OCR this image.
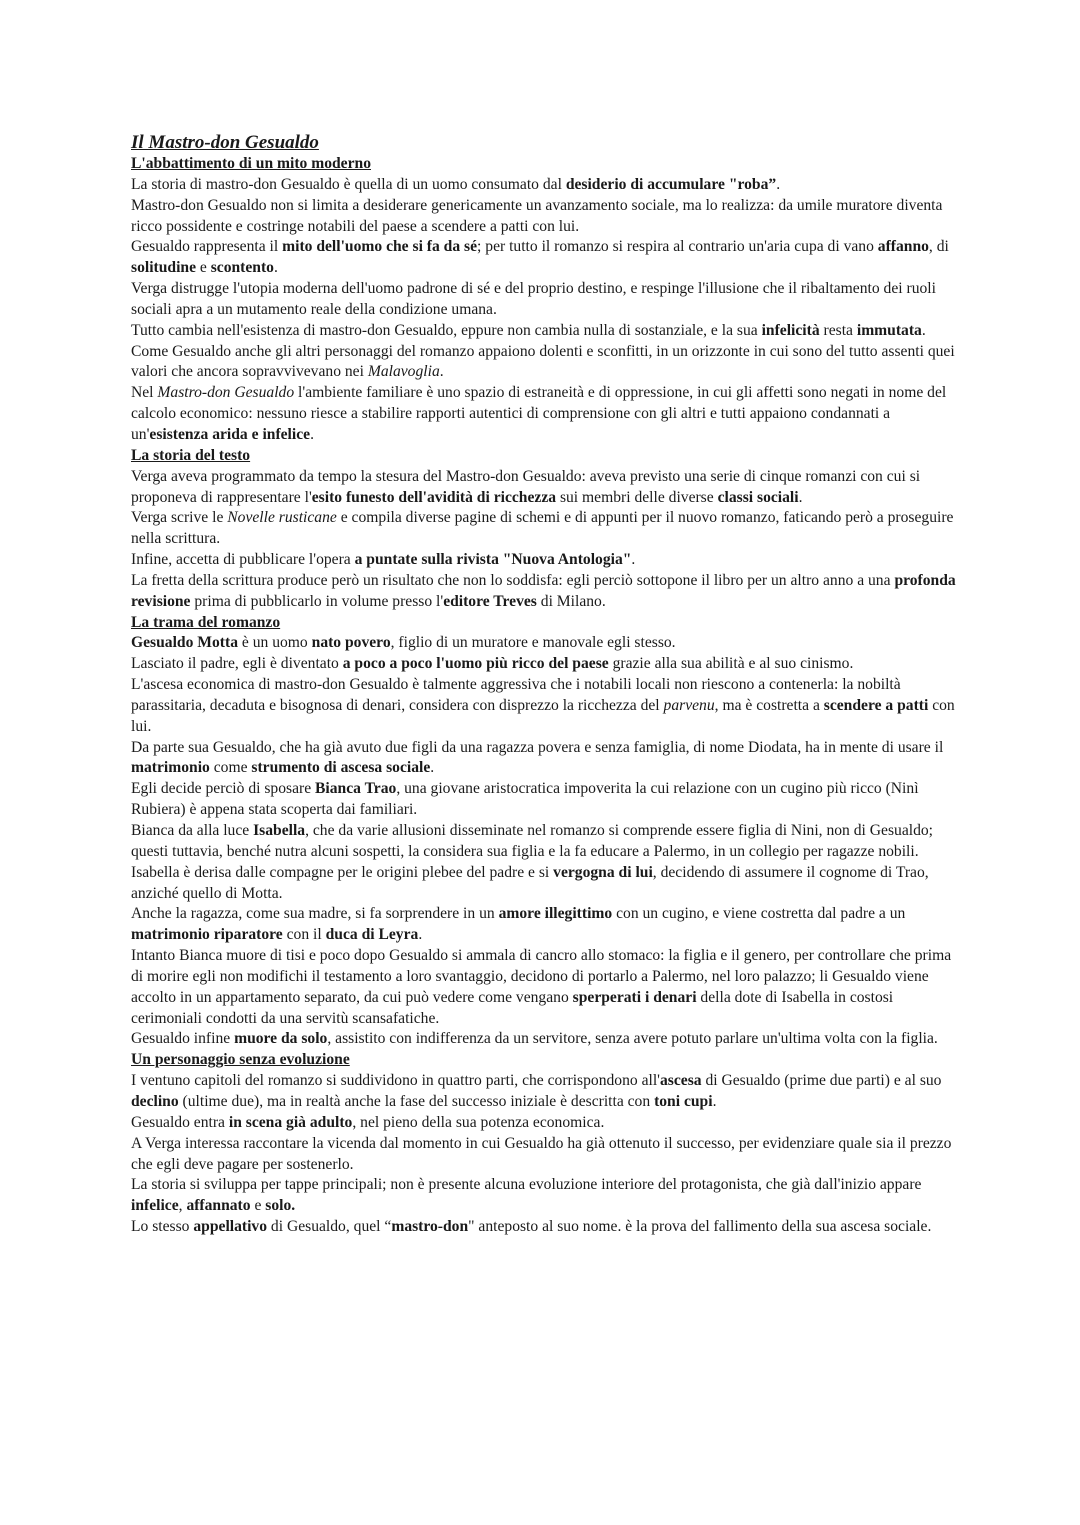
Il Mastro-don Gesualdo
L'abbattimento di un mito moderno
La storia di mastro-don Gesualdo è quella di un uomo consumato dal desiderio di accumulare "roba”.
Mastro-don Gesualdo non si limita a desiderare genericamente un avanzamento sociale, ma lo realizza: da umile muratore diventa ricco possidente e costringe notabili del paese a scendere a patti con lui.
Gesualdo rappresenta il mito dell'uomo che si fa da sé; per tutto il romanzo si respira al contrario un'aria cupa di vano affanno, di solitudine e scontento.
Verga distrugge l'utopia moderna dell'uomo padrone di sé e del proprio destino, e respinge l'illusione che il ribaltamento dei ruoli sociali apra a un mutamento reale della condizione umana.
Tutto cambia nell'esistenza di mastro-don Gesualdo, eppure non cambia nulla di sostanziale, e la sua infelicità resta immutata.
Come Gesualdo anche gli altri personaggi del romanzo appaiono dolenti e sconfitti, in un orizzonte in cui sono del tutto assenti quei valori che ancora sopravvivevano nei Malavoglia.
Nel Mastro-don Gesualdo l'ambiente familiare è uno spazio di estraneità e di oppressione, in cui gli affetti sono negati in nome del calcolo economico: nessuno riesce a stabilire rapporti autentici di comprensione con gli altri e tutti appaiono condannati a un'esistenza arida e infelice.
La storia del testo
Verga aveva programmato da tempo la stesura del Mastro-don Gesualdo: aveva previsto una serie di cinque romanzi con cui si proponeva di rappresentare l'esito funesto dell'avidità di ricchezza sui membri delle diverse classi sociali.
Verga scrive le Novelle rusticane e compila diverse pagine di schemi e di appunti per il nuovo romanzo, faticando però a proseguire nella scrittura.
Infine, accetta di pubblicare l'opera a puntate sulla rivista "Nuova Antologia".
La fretta della scrittura produce però un risultato che non lo soddisfa: egli perciò sottopone il libro per un altro anno a una profonda revisione prima di pubblicarlo in volume presso l'editore Treves di Milano.
La trama del romanzo
Gesualdo Motta è un uomo nato povero, figlio di un muratore e manovale egli stesso.
Lasciato il padre, egli è diventato a poco a poco l'uomo più ricco del paese grazie alla sua abilità e al suo cinismo.
L'ascesa economica di mastro-don Gesualdo è talmente aggressiva che i notabili locali non riescono a contenerla: la nobiltà parassitaria, decaduta e bisognosa di denari, considera con disprezzo la ricchezza del parvenu, ma è costretta a scendere a patti con lui.
Da parte sua Gesualdo, che ha già avuto due figli da una ragazza povera e senza famiglia, di nome Diodata, ha in mente di usare il matrimonio come strumento di ascesa sociale.
Egli decide perciò di sposare Bianca Trao, una giovane aristocratica impoverita la cui relazione con un cugino più ricco (Ninì Rubiera) è appena stata scoperta dai familiari.
Bianca da alla luce Isabella, che da varie allusioni disseminate nel romanzo si comprende essere figlia di Nini, non di Gesualdo; questi tuttavia, benché nutra alcuni sospetti, la considera sua figlia e la fa educare a Palermo, in un collegio per ragazze nobili.
Isabella è derisa dalle compagne per le origini plebee del padre e si vergogna di lui, decidendo di assumere il cognome di Trao, anziché quello di Motta.
Anche la ragazza, come sua madre, si fa sorprendere in un amore illegittimo con un cugino, e viene costretta dal padre a un matrimonio riparatore con il duca di Leyra.
Intanto Bianca muore di tisi e poco dopo Gesualdo si ammala di cancro allo stomaco: la figlia e il genero, per controllare che prima di morire egli non modifichi il testamento a loro svantaggio, decidono di portarlo a Palermo, nel loro palazzo; li Gesualdo viene accolto in un appartamento separato, da cui può vedere come vengano sperperati i denari della dote di Isabella in costosi cerimoniali condotti da una servitù scansafatiche.
Gesualdo infine muore da solo, assistito con indifferenza da un servitore, senza avere potuto parlare un'ultima volta con la figlia.
Un personaggio senza evoluzione
I ventuno capitoli del romanzo si suddividono in quattro parti, che corrispondono all'ascesa di Gesualdo (prime due parti) e al suo declino (ultime due), ma in realtà anche la fase del successo iniziale è descritta con toni cupi.
Gesualdo entra in scena già adulto, nel pieno della sua potenza economica.
A Verga interessa raccontare la vicenda dal momento in cui Gesualdo ha già ottenuto il successo, per evidenziare quale sia il prezzo che egli deve pagare per sostenerlo.
La storia si sviluppa per tappe principali; non è presente alcuna evoluzione interiore del protagonista, che già dall'inizio appare infelice, affannato e solo.
Lo stesso appellativo di Gesualdo, quel “mastro-don" anteposto al suo nome. è la prova del fallimento della sua ascesa sociale.
